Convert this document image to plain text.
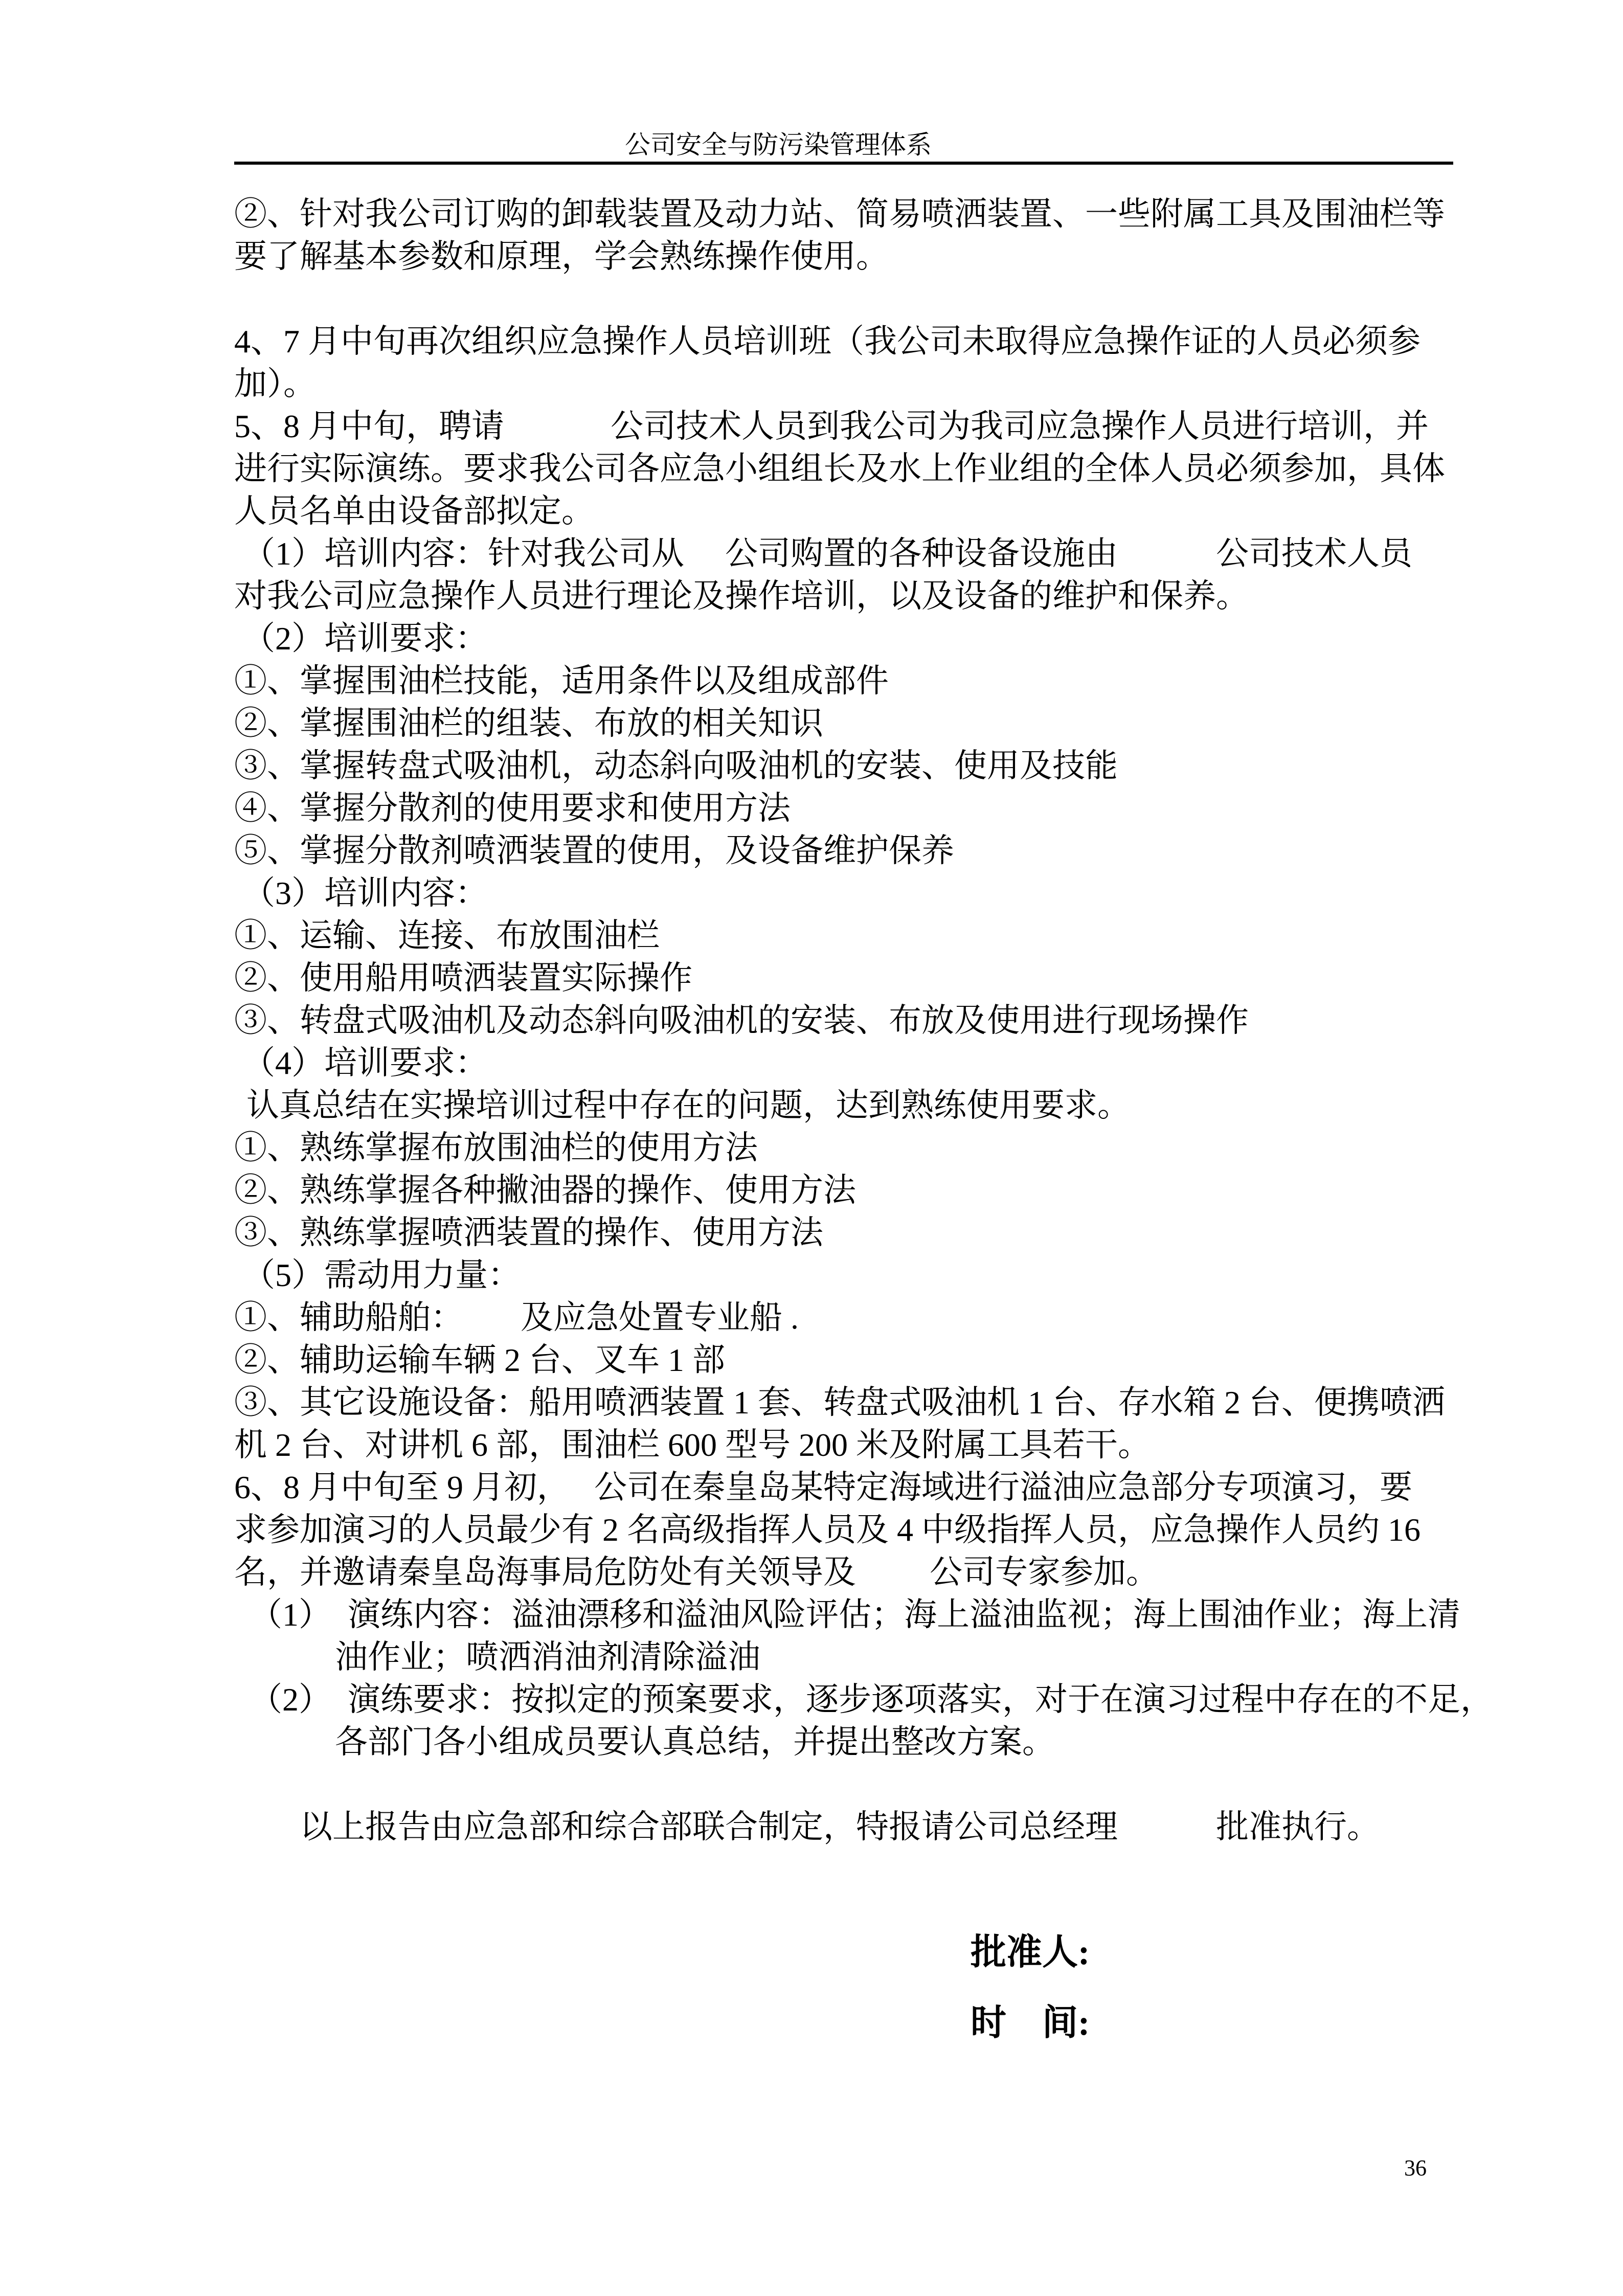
公司安全与防污染管理体系
②、针对我公司订购的卸载装置及动力站、简易喷洒装置、一些附属工具及围油栏等
要了解基本参数和原理，学会熟练操作使用。

4、7 月中旬再次组织应急操作人员培训班（我公司未取得应急操作证的人员必须参
加）。
5、8 月中旬，聘请　　　 公司技术人员到我公司为我司应急操作人员进行培训，并
进行实际演练。要求我公司各应急小组组长及水上作业组的全体人员必须参加，具体
人员名单由设备部拟定。
（1）培训内容：针对我公司从　 公司购置的各种设备设施由　　　公司技术人员
对我公司应急操作人员进行理论及操作培训，以及设备的维护和保养。
（2）培训要求：
①、掌握围油栏技能，适用条件以及组成部件
②、掌握围油栏的组装、布放的相关知识
③、掌握转盘式吸油机，动态斜向吸油机的安装、使用及技能
④、掌握分散剂的使用要求和使用方法
⑤、掌握分散剂喷洒装置的使用，及设备维护保养
（3）培训内容：
①、运输、连接、布放围油栏
②、使用船用喷洒装置实际操作
③、转盘式吸油机及动态斜向吸油机的安装、布放及使用进行现场操作
（4）培训要求：
认真总结在实操培训过程中存在的问题，达到熟练使用要求。
①、熟练掌握布放围油栏的使用方法
②、熟练掌握各种撇油器的操作、使用方法
③、熟练掌握喷洒装置的操作、使用方法
（5）需动用力量：
①、辅助船舶：　　 及应急处置专业船 .
②、辅助运输车辆 2 台、叉车 1 部
③、其它设施设备：船用喷洒装置 1 套、转盘式吸油机 1 台、存水箱 2 台、便携喷洒
机 2 台、对讲机 6 部，围油栏 600 型号 200 米及附属工具若干。
6、8 月中旬至 9 月初，　 公司在秦皇岛某特定海域进行溢油应急部分专项演习，要
求参加演习的人员最少有 2 名高级指挥人员及 4 中级指挥人员，应急操作人员约 16
名，并邀请秦皇岛海事局危防处有关领导及　　 公司专家参加。
（1）　演练内容：溢油漂移和溢油风险评估；海上溢油监视；海上围油作业；海上清
油作业；喷洒消油剂清除溢油
（2）　演练要求：按拟定的预案要求，逐步逐项落实，对于在演习过程中存在的不足，
各部门各小组成员要认真总结，并提出整改方案。

以上报告由应急部和综合部联合制定，特报请公司总经理　　　批准执行。
批准人:
时　间:
36
